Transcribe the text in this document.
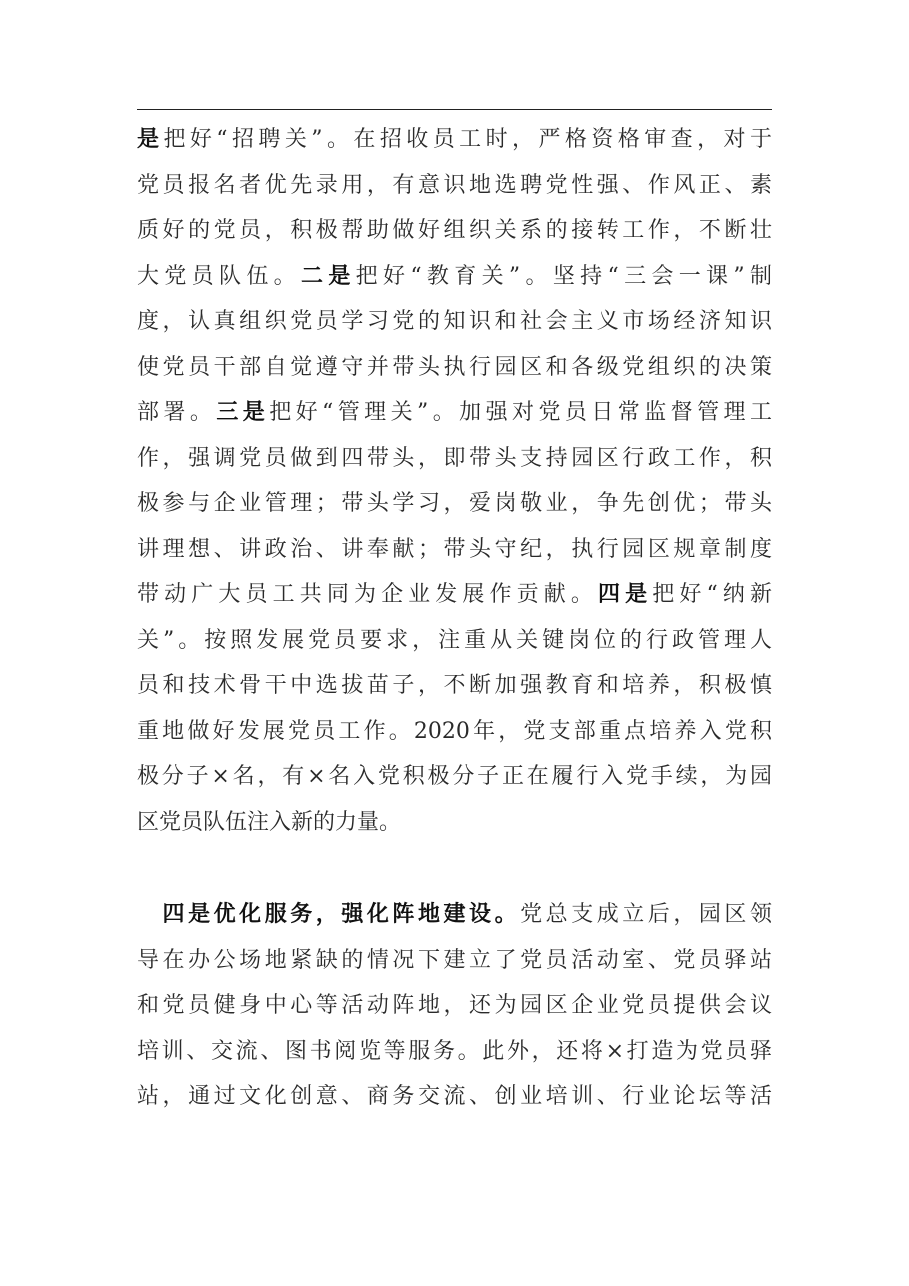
是把好“招聘关”。在招收员工时，严格资格审查，对于
党员报名者优先录用，有意识地选聘党性强、作风正、素
质好的党员，积极帮助做好组织关系的接转工作，不断壮
大党员队伍。二是把好“教育关”。坚持“三会一课”制
度，认真组织党员学习党的知识和社会主义市场经济知识
使党员干部自觉遵守并带头执行园区和各级党组织的决策
部署。三是把好“管理关”。加强对党员日常监督管理工
作，强调党员做到四带头，即带头支持园区行政工作，积
极参与企业管理；带头学习，爱岗敬业，争先创优；带头
讲理想、讲政治、讲奉献；带头守纪，执行园区规章制度
带动广大员工共同为企业发展作贡献。四是把好“纳新
关”。按照发展党员要求，注重从关键岗位的行政管理人
员和技术骨干中选拔苗子，不断加强教育和培养，积极慎
重地做好发展党员工作。2020年，党支部重点培养入党积
极分子×名，有×名入党积极分子正在履行入党手续，为园
区党员队伍注入新的力量。
　四是优化服务，强化阵地建设。党总支成立后，园区领
导在办公场地紧缺的情况下建立了党员活动室、党员驿站
和党员健身中心等活动阵地，还为园区企业党员提供会议
培训、交流、图书阅览等服务。此外，还将×打造为党员驿
站，通过文化创意、商务交流、创业培训、行业论坛等活
